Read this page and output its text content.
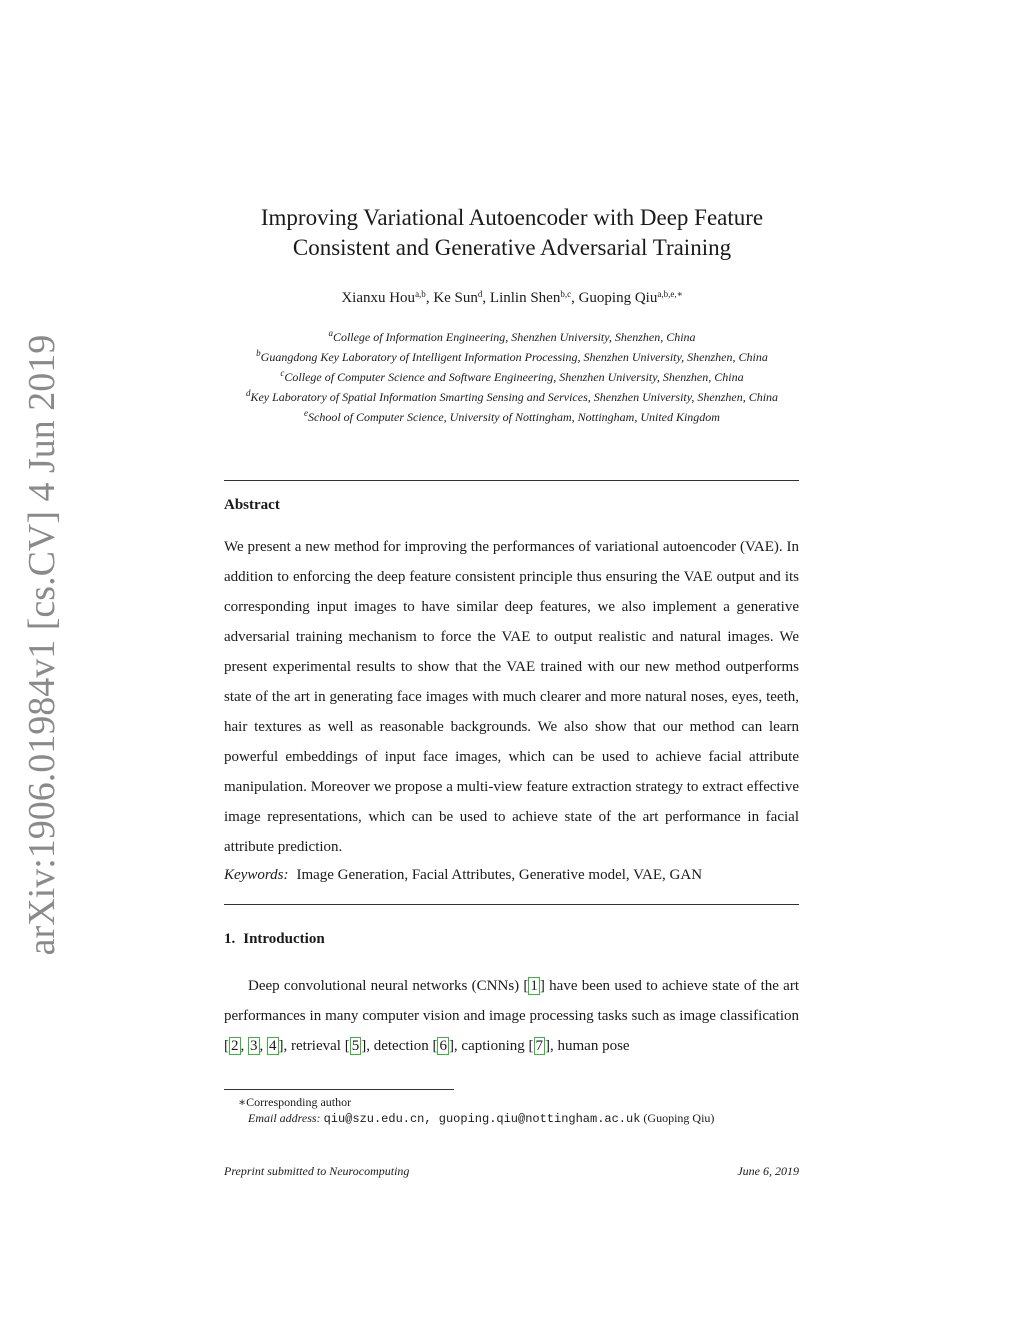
arXiv:1906.01984v1 [cs.CV] 4 Jun 2019
Improving Variational Autoencoder with Deep Feature
Consistent and Generative Adversarial Training
Xianxu Hou$^{a,b}$, Ke Sun$^d$, Linlin Shen$^{b,c}$, Guoping Qiu$^{a,b,e,∗}$
$^a$College of Information Engineering, Shenzhen University, Shenzhen, China
$^b$Guangdong Key Laboratory of Intelligent Information Processing, Shenzhen University, Shenzhen, China
$^c$College of Computer Science and Software Engineering, Shenzhen University, Shenzhen, China
$^d$Key Laboratory of Spatial Information Smarting Sensing and Services, Shenzhen University, Shenzhen, China
$^e$School of Computer Science, University of Nottingham, Nottingham, United Kingdom
Abstract
We present a new method for improving the performances of variational autoencoder (VAE). In addition to enforcing the deep feature consistent principle thus ensuring the VAE output and its corresponding input images to have similar deep features, we also implement a generative adversarial training mechanism to force the VAE to output realistic and natural images. We present experimental results to show that the VAE trained with our new method outperforms state of the art in generating face images with much clearer and more natural noses, eyes, teeth, hair textures as well as reasonable backgrounds. We also show that our method can learn powerful embeddings of input face images, which can be used to achieve facial attribute manipulation. Moreover we propose a multi-view feature extraction strategy to extract effective image representations, which can be used to achieve state of the art performance in facial attribute prediction.
Keywords: Image Generation, Facial Attributes, Generative model, VAE, GAN
1. Introduction
Deep convolutional neural networks (CNNs) [ 1 ] have been used to achieve state of the art performances in many computer vision and image processing tasks such as image classification [ 2 , 3 , 4 ], retrieval [ 5 ], detection [ 6 ], captioning [ 7 ], human pose
∗Corresponding author
Email address: qiu@szu.edu.cn, guoping.qiu@nottingham.ac.uk (Guoping Qiu)
Preprint submitted to Neurocomputing	June 6, 2019
